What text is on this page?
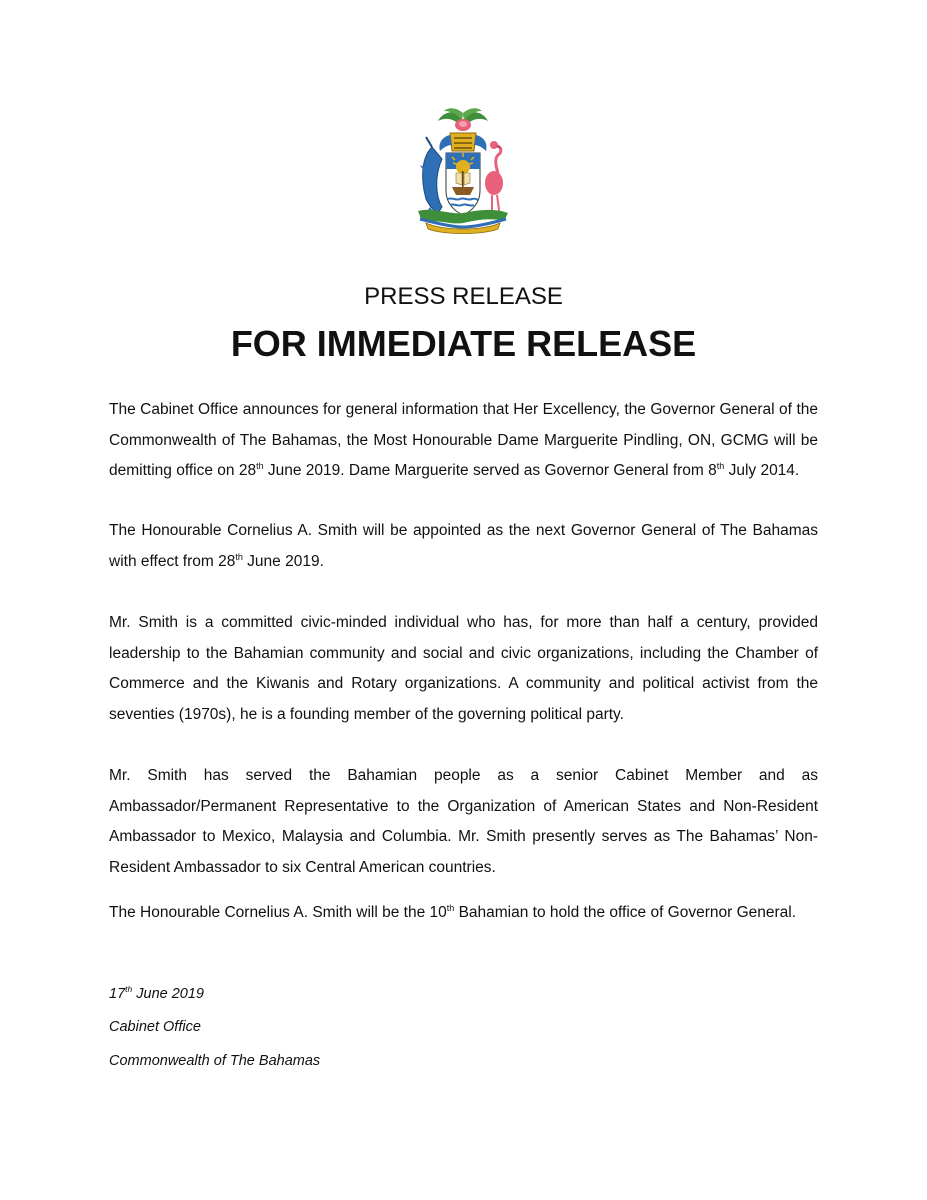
PRESS RELEASE
FOR IMMEDIATE RELEASE

The Cabinet Office announces for general information that Her Excellency, the Governor General of the Commonwealth of The Bahamas, the Most Honourable Dame Marguerite Pindling, ON, GCMG will be demitting office on 28th June 2019. Dame Marguerite served as Governor General from 8th July 2014.

The Honourable Cornelius A. Smith will be appointed as the next Governor General of The Bahamas with effect from 28th June 2019.

Mr. Smith is a committed civic-minded individual who has, for more than half a century, provided leadership to the Bahamian community and social and civic organizations, including the Chamber of Commerce and the Kiwanis and Rotary organizations. A community and political activist from the seventies (1970s), he is a founding member of the governing political party.

Mr. Smith has served the Bahamian people as a senior Cabinet Member and as Ambassador/Permanent Representative to the Organization of American States and Non-Resident Ambassador to Mexico, Malaysia and Columbia. Mr. Smith presently serves as The Bahamas’ Non-Resident Ambassador to six Central American countries.

The Honourable Cornelius A. Smith will be the 10th Bahamian to hold the office of Governor General.

17th June 2019
Cabinet Office
Commonwealth of The Bahamas
